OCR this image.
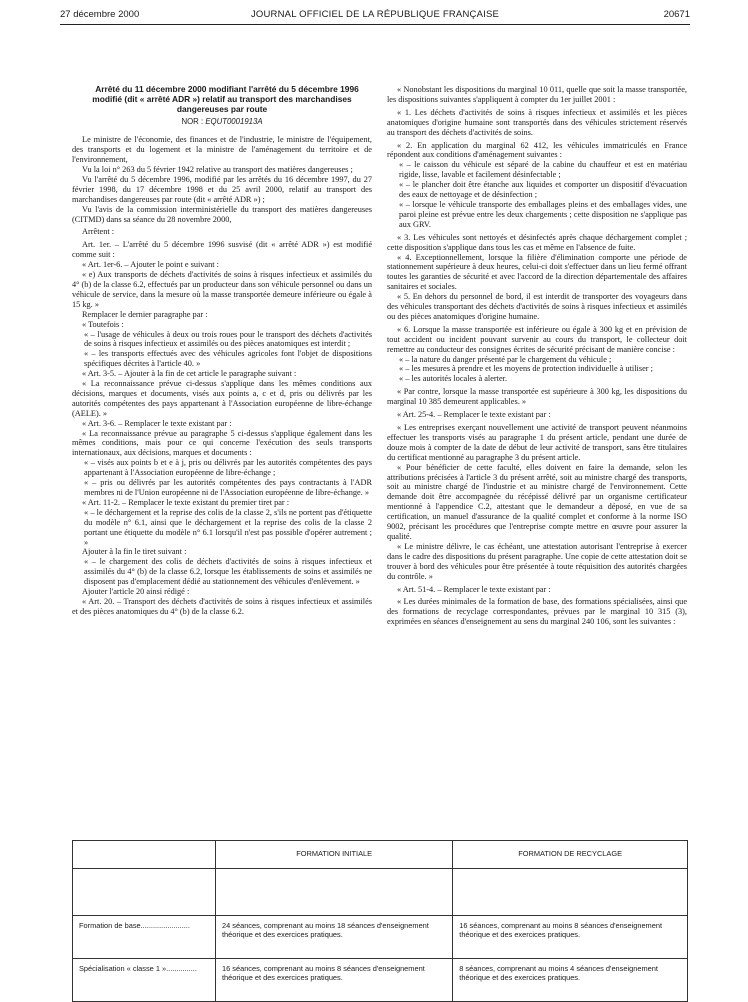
27 décembre 2000	JOURNAL OFFICIEL DE LA RÉPUBLIQUE FRANÇAISE	20671

Arrêté du 11 décembre 2000 modifiant l'arrêté du 5 décembre 1996 modifié (dit « arrêté ADR ») relatif au transport des marchandises dangereuses par route

NOR : EQUT0001913A

Le ministre de l'économie, des finances et de l'industrie, le ministre de l'équipement, des transports et du logement et la ministre de l'aménagement du territoire et de l'environnement,

Vu la loi n° 263 du 5 février 1942 relative au transport des matières dangereuses ;

Vu l'arrêté du 5 décembre 1996, modifié par les arrêtés du 16 décembre 1997, du 27 février 1998, du 17 décembre 1998 et du 25 avril 2000, relatif au transport des marchandises dangereuses par route (dit « arrêté ADR ») ;

Vu l'avis de la commission interministérielle du transport des matières dangereuses (CITMD) dans sa séance du 28 novembre 2000,

Arrêtent :

Art. 1er. – L'arrêté du 5 décembre 1996 susvisé (dit « arrêté ADR ») est modifié comme suit :

« Art. 1er-6. – Ajouter le point e suivant :

« e) Aux transports de déchets d'activités de soins à risques infectieux et assimilés du 4° (b) de la classe 6.2, effectués par un producteur dans son véhicule personnel ou dans un véhicule de service, dans la mesure où la masse transportée demeure inférieure ou égale à 15 kg. »

Remplacer le dernier paragraphe par :

« Toutefois :

« – l'usage de véhicules à deux ou trois roues pour le transport des déchets d'activités de soins à risques infectieux et assimilés ou des pièces anatomiques est interdit ;

« – les transports effectués avec des véhicules agricoles font l'objet de dispositions spécifiques décrites à l'article 40. »

« Art. 3-5. – Ajouter à la fin de cet article le paragraphe suivant :

« La reconnaissance prévue ci-dessus s'applique dans les mêmes conditions aux décisions, marques et documents, visés aux points a, c et d, pris ou délivrés par les autorités compétentes des pays appartenant à l'Association européenne de libre-échange (AELE). »

« Art. 3-6. – Remplacer le texte existant par :

« La reconnaissance prévue au paragraphe 5 ci-dessus s'applique également dans les mêmes conditions, mais pour ce qui concerne l'exécution des seuls transports internationaux, aux décisions, marques et documents :

« – visés aux points b et e à j, pris ou délivrés par les autorités compétentes des pays appartenant à l'Association européenne de libre-échange ;

« – pris ou délivrés par les autorités compétentes des pays contractants à l'ADR membres ni de l'Union européenne ni de l'Association européenne de libre-échange. »

« Art. 11-2. – Remplacer le texte existant du premier tiret par :

« – le déchargement et la reprise des colis de la classe 2, s'ils ne portent pas d'étiquette du modèle n° 6.1, ainsi que le déchargement et la reprise des colis de la classe 2 portant une étiquette du modèle n° 6.1 lorsqu'il n'est pas possible d'opérer autrement ; »

Ajouter à la fin le tiret suivant :

« – le chargement des colis de déchets d'activités de soins à risques infectieux et assimilés du 4° (b) de la classe 6.2, lorsque les établissements de soins et assimilés ne disposent pas d'emplacement dédié au stationnement des véhicules d'enlèvement. »

Ajouter l'article 20 ainsi rédigé :

« Art. 20. – Transport des déchets d'activités de soins à risques infectieux et assimilés et des pièces anatomiques du 4° (b) de la classe 6.2.

« Nonobstant les dispositions du marginal 10 011, quelle que soit la masse transportée, les dispositions suivantes s'appliquent à compter du 1er juillet 2001 :

« 1. Les déchets d'activités de soins à risques infectieux et assimilés et les pièces anatomiques d'origine humaine sont transportés dans des véhicules strictement réservés au transport des déchets d'activités de soins.

« 2. En application du marginal 62 412, les véhicules immatriculés en France répondent aux conditions d'aménagement suivantes :

« – le caisson du véhicule est séparé de la cabine du chauffeur et est en matériau rigide, lisse, lavable et facilement désinfectable ;

« – le plancher doit être étanche aux liquides et comporter un dispositif d'évacuation des eaux de nettoyage et de désinfection ;

« – lorsque le véhicule transporte des emballages pleins et des emballages vides, une paroi pleine est prévue entre les deux chargements ; cette disposition ne s'applique pas aux GRV.

« 3. Les véhicules sont nettoyés et désinfectés après chaque déchargement complet ; cette disposition s'applique dans tous les cas et même en l'absence de fuite.

« 4. Exceptionnellement, lorsque la filière d'élimination comporte une période de stationnement supérieure à deux heures, celui-ci doit s'effectuer dans un lieu fermé offrant toutes les garanties de sécurité et avec l'accord de la direction départementale des affaires sanitaires et sociales.

« 5. En dehors du personnel de bord, il est interdit de transporter des voyageurs dans des véhicules transportant des déchets d'activités de soins à risques infectieux et assimilés ou des pièces anatomiques d'origine humaine.

« 6. Lorsque la masse transportée est inférieure ou égale à 300 kg et en prévision de tout accident ou incident pouvant survenir au cours du transport, le collecteur doit remettre au conducteur des consignes écrites de sécurité précisant de manière concise :

« – la nature du danger présenté par le chargement du véhicule ;

« – les mesures à prendre et les moyens de protection individuelle à utiliser ;

« – les autorités locales à alerter.

« Par contre, lorsque la masse transportée est supérieure à 300 kg, les dispositions du marginal 10 385 demeurent applicables. »

« Art. 25-4. – Remplacer le texte existant par :

« Les entreprises exerçant nouvellement une activité de transport peuvent néanmoins effectuer les transports visés au paragraphe 1 du présent article, pendant une durée de douze mois à compter de la date de début de leur activité de transport, sans être titulaires du certificat mentionné au paragraphe 3 du présent article.

« Pour bénéficier de cette faculté, elles doivent en faire la demande, selon les attributions précisées à l'article 3 du présent arrêté, soit au ministre chargé des transports, soit au ministre chargé de l'industrie et au ministre chargé de l'environnement. Cette demande doit être accompagnée du récépissé délivré par un organisme certificateur mentionné à l'appendice C.2, attestant que le demandeur a déposé, en vue de sa certification, un manuel d'assurance de la qualité complet et conforme à la norme ISO 9002, précisant les procédures que l'entreprise compte mettre en œuvre pour assurer la qualité.

« Le ministre délivre, le cas échéant, une attestation autorisant l'entreprise à exercer dans le cadre des dispositions du présent paragraphe. Une copie de cette attestation doit se trouver à bord des véhicules pour être présentée à toute réquisition des autorités chargées du contrôle. »

« Art. 51-4. – Remplacer le texte existant par :

« Les durées minimales de la formation de base, des formations spécialisées, ainsi que des formations de recyclage correspondantes, prévues par le marginal 10 315 (3), exprimées en séances d'enseignement au sens du marginal 240 106, sont les suivantes :

	FORMATION INITIALE	FORMATION DE RECYCLAGE

Formation de base........................	24 séances, comprenant au moins 18 séances d'enseignement théorique et des exercices pratiques.	16 séances, comprenant au moins 8 séances d'enseignement théorique et des exercices pratiques.
Spécialisation « classe 1 »...............	16 séances, comprenant au moins 8 séances d'enseignement théorique et des exercices pratiques.	8 séances, comprenant au moins 4 séances d'enseignement théorique et des exercices pratiques.
